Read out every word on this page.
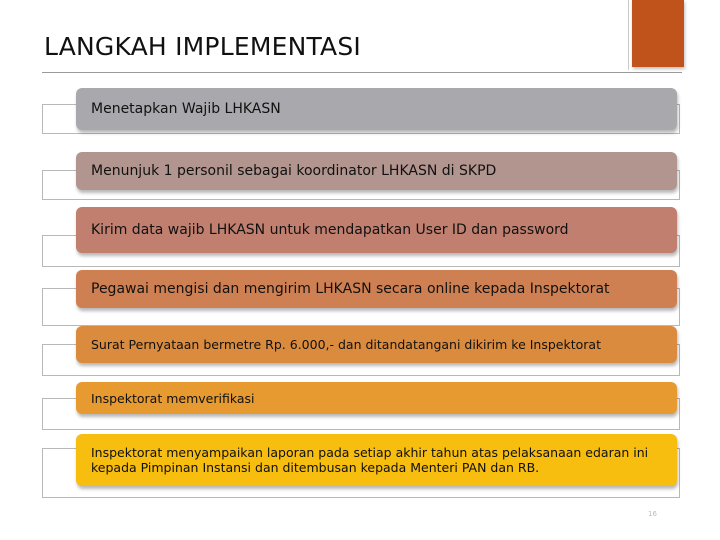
LANGKAH IMPLEMENTASI
Menetapkan Wajib LHKASN
Menunjuk 1 personil sebagai koordinator LHKASN di SKPD
Kirim data wajib LHKASN untuk mendapatkan User ID dan password
Pegawai mengisi dan mengirim LHKASN secara online kepada Inspektorat
Surat Pernyataan bermetre Rp. 6.000,- dan ditandatangani dikirim ke Inspektorat
Inspektorat memverifikasi
Inspektorat menyampaikan laporan pada setiap akhir tahun atas pelaksanaan edaran ini kepada Pimpinan Instansi dan ditembusan kepada Menteri PAN dan RB.
16
